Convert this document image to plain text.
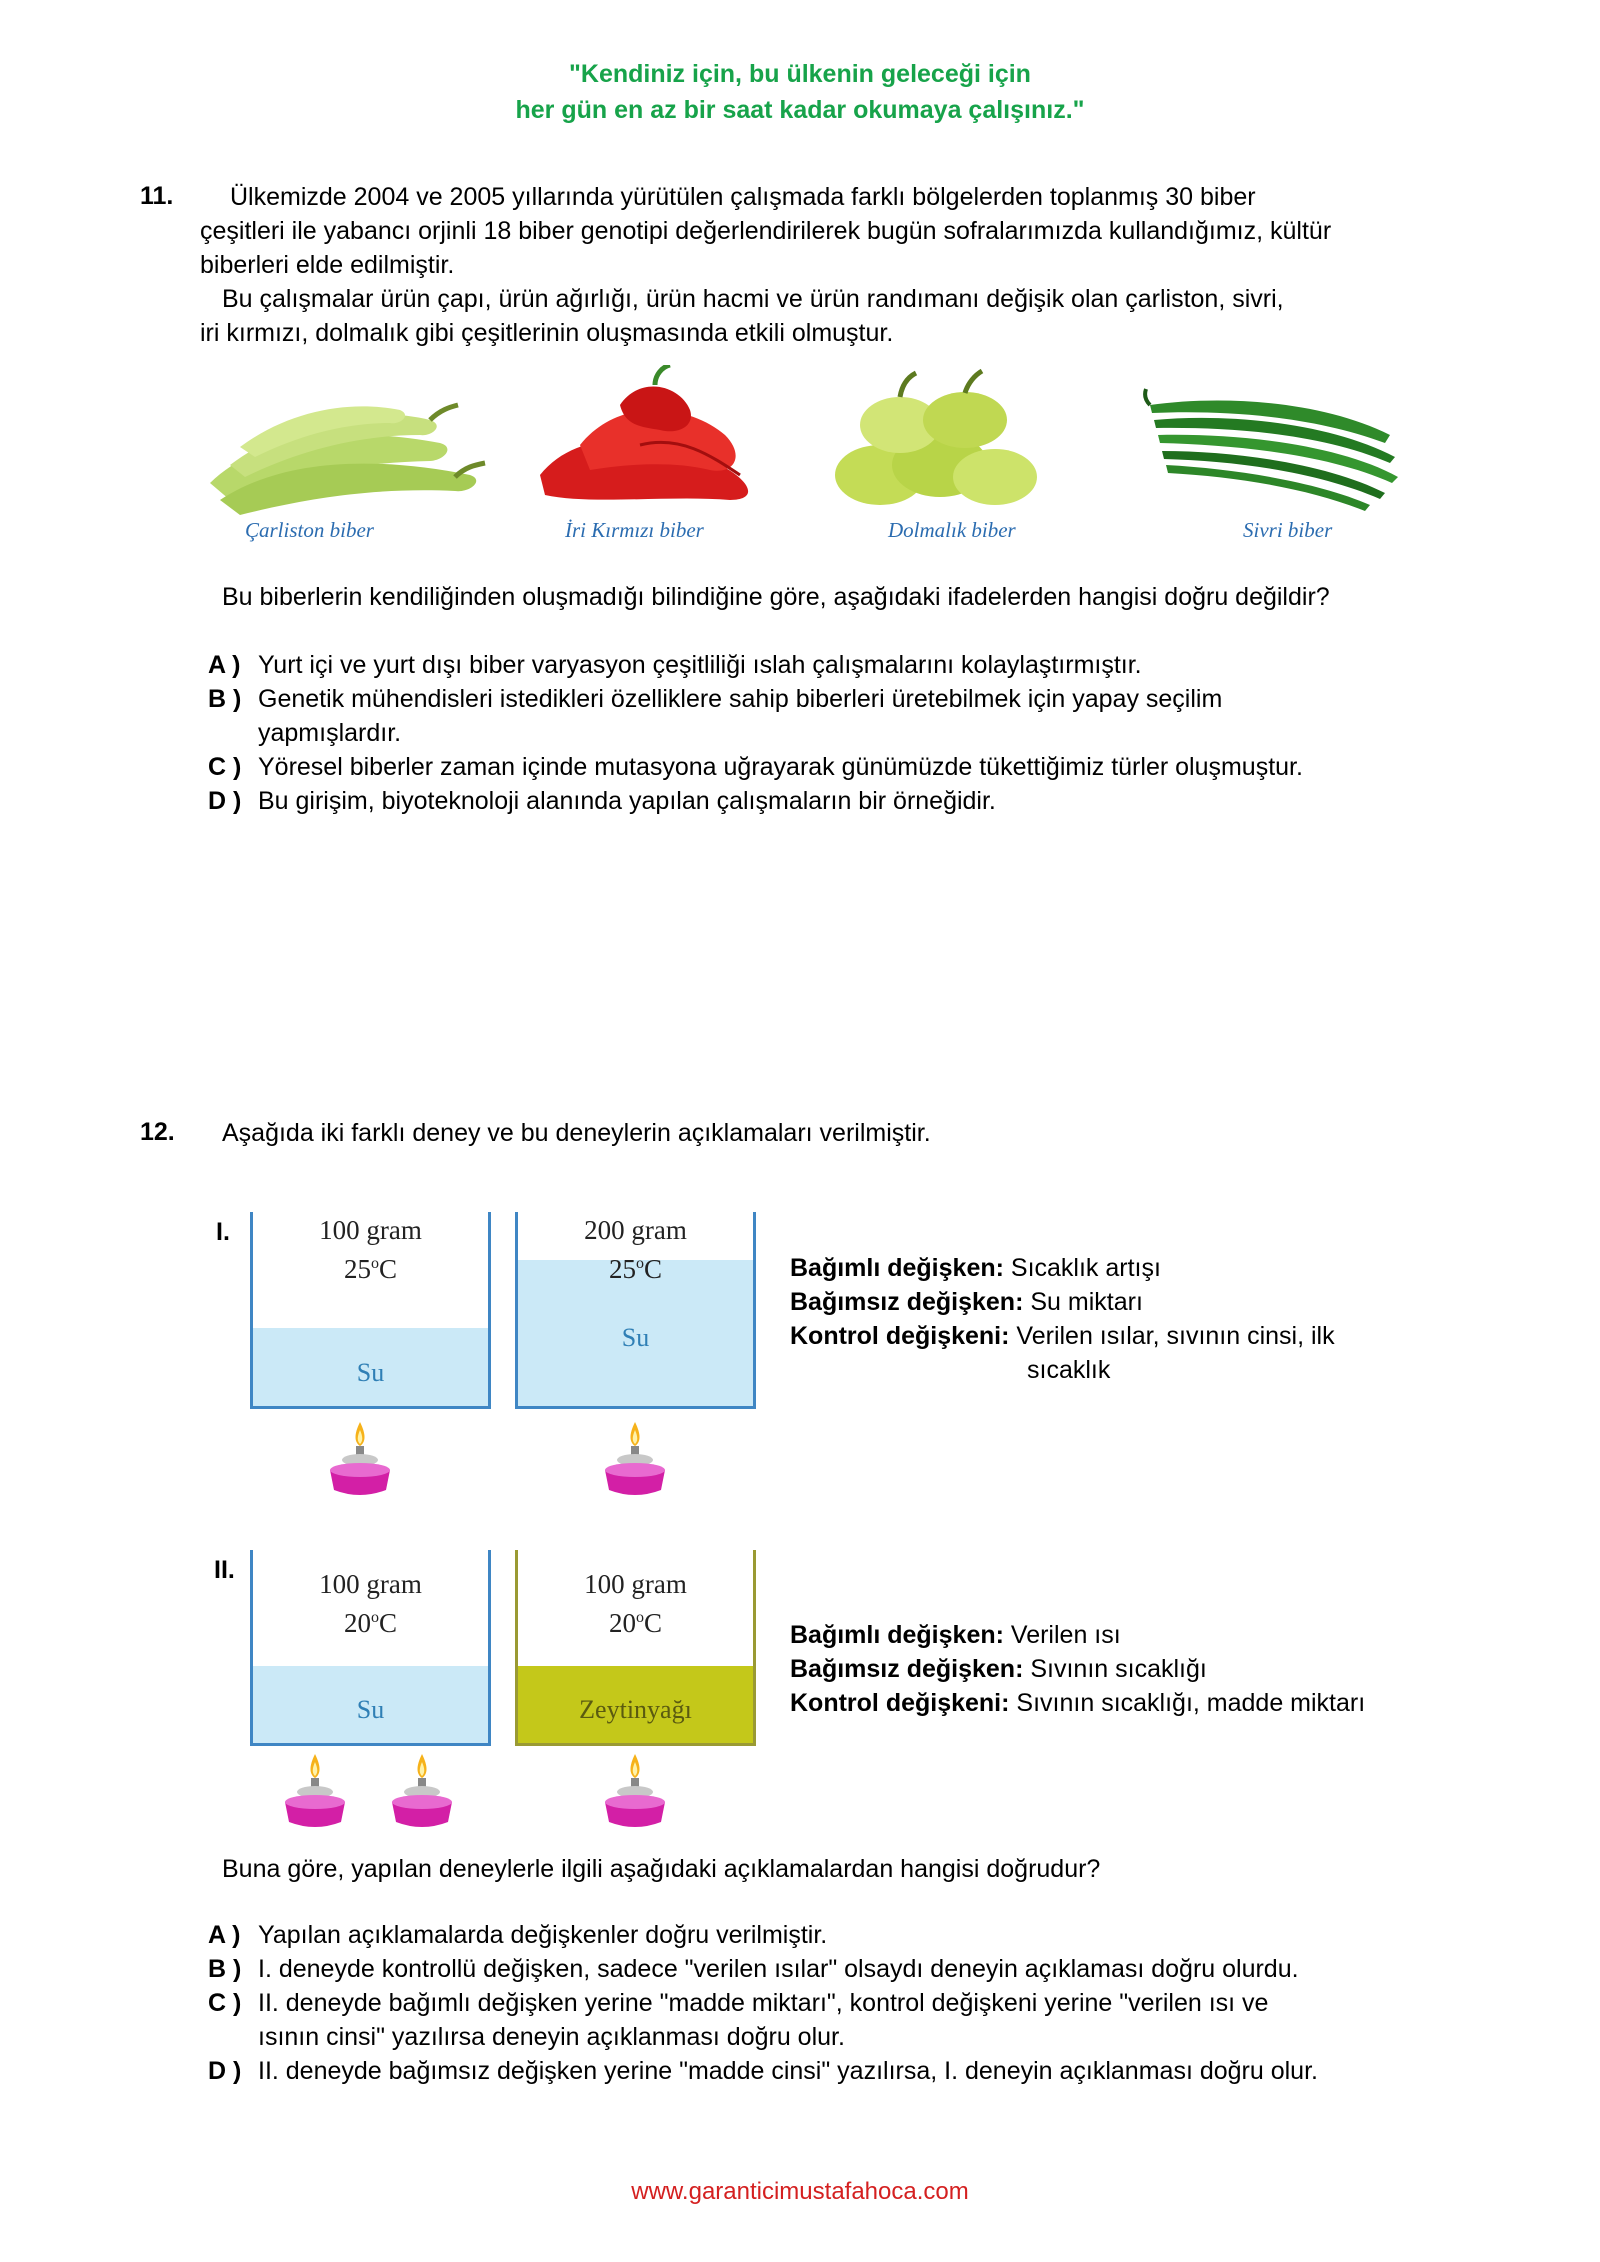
"Kendiniz için, bu ülkenin geleceği için
her gün en az bir saat kadar okumaya çalışınız."
11.	Ülkemizde 2004 ve 2005 yıllarında yürütülen çalışmada farklı bölgelerden toplanmış 30 biber
çeşitleri ile yabancı orjinli 18 biber genotipi değerlendirilerek bugün sofralarımızda kullandığımız, kültür
biberleri elde edilmiştir.
Bu çalışmalar ürün çapı, ürün ağırlığı, ürün hacmi ve ürün randımanı değişik olan çarliston, sivri,
iri kırmızı, dolmalık gibi çeşitlerinin oluşmasında etkili olmuştur.
Çarliston biber	İri Kırmızı biber	Dolmalık biber	Sivri biber
Bu biberlerin kendiliğinden oluşmadığı bilindiğine göre, aşağıdaki ifadelerden hangisi doğru değildir?
A ) Yurt içi ve yurt dışı biber varyasyon çeşitliliği ıslah çalışmalarını kolaylaştırmıştır.
B ) Genetik mühendisleri istedikleri özelliklere sahip biberleri üretebilmek için yapay seçilim
yapmışlardır.
C ) Yöresel biberler zaman içinde mutasyona uğrayarak günümüzde tükettiğimiz türler oluşmuştur.
D ) Bu girişim, biyoteknoloji alanında yapılan çalışmaların bir örneğidir.
12. Aşağıda iki farklı deney ve bu deneylerin açıklamaları verilmiştir.
I.	100 gram
25$^o$C
Su
200 gram
25$^o$C
Su
Bağımlı değişken: Sıcaklık artışı
Bağımsız değişken: Su miktarı
Kontrol değişkeni: Verilen ısılar, sıvının cinsi, ilk
sıcaklık
II.	100 gram
20$^o$C
Su
100 gram
20$^o$C
Zeytinyağı
Bağımlı değişken: Verilen ısı
Bağımsız değişken: Sıvının sıcaklığı
Kontrol değişkeni: Sıvının sıcaklığı, madde miktarı
Buna göre, yapılan deneylerle ilgili aşağıdaki açıklamalardan hangisi doğrudur?
A ) Yapılan açıklamalarda değişkenler doğru verilmiştir.
B ) I. deneyde kontrollü değişken, sadece "verilen ısılar" olsaydı deneyin açıklaması doğru olurdu.
C ) II. deneyde bağımlı değişken yerine "madde miktarı", kontrol değişkeni yerine "verilen ısı ve
ısının cinsi" yazılırsa deneyin açıklanması doğru olur.
D ) II. deneyde bağımsız değişken yerine "madde cinsi" yazılırsa, I. deneyin açıklanması doğru olur.
www.garanticimustafahoca.com
